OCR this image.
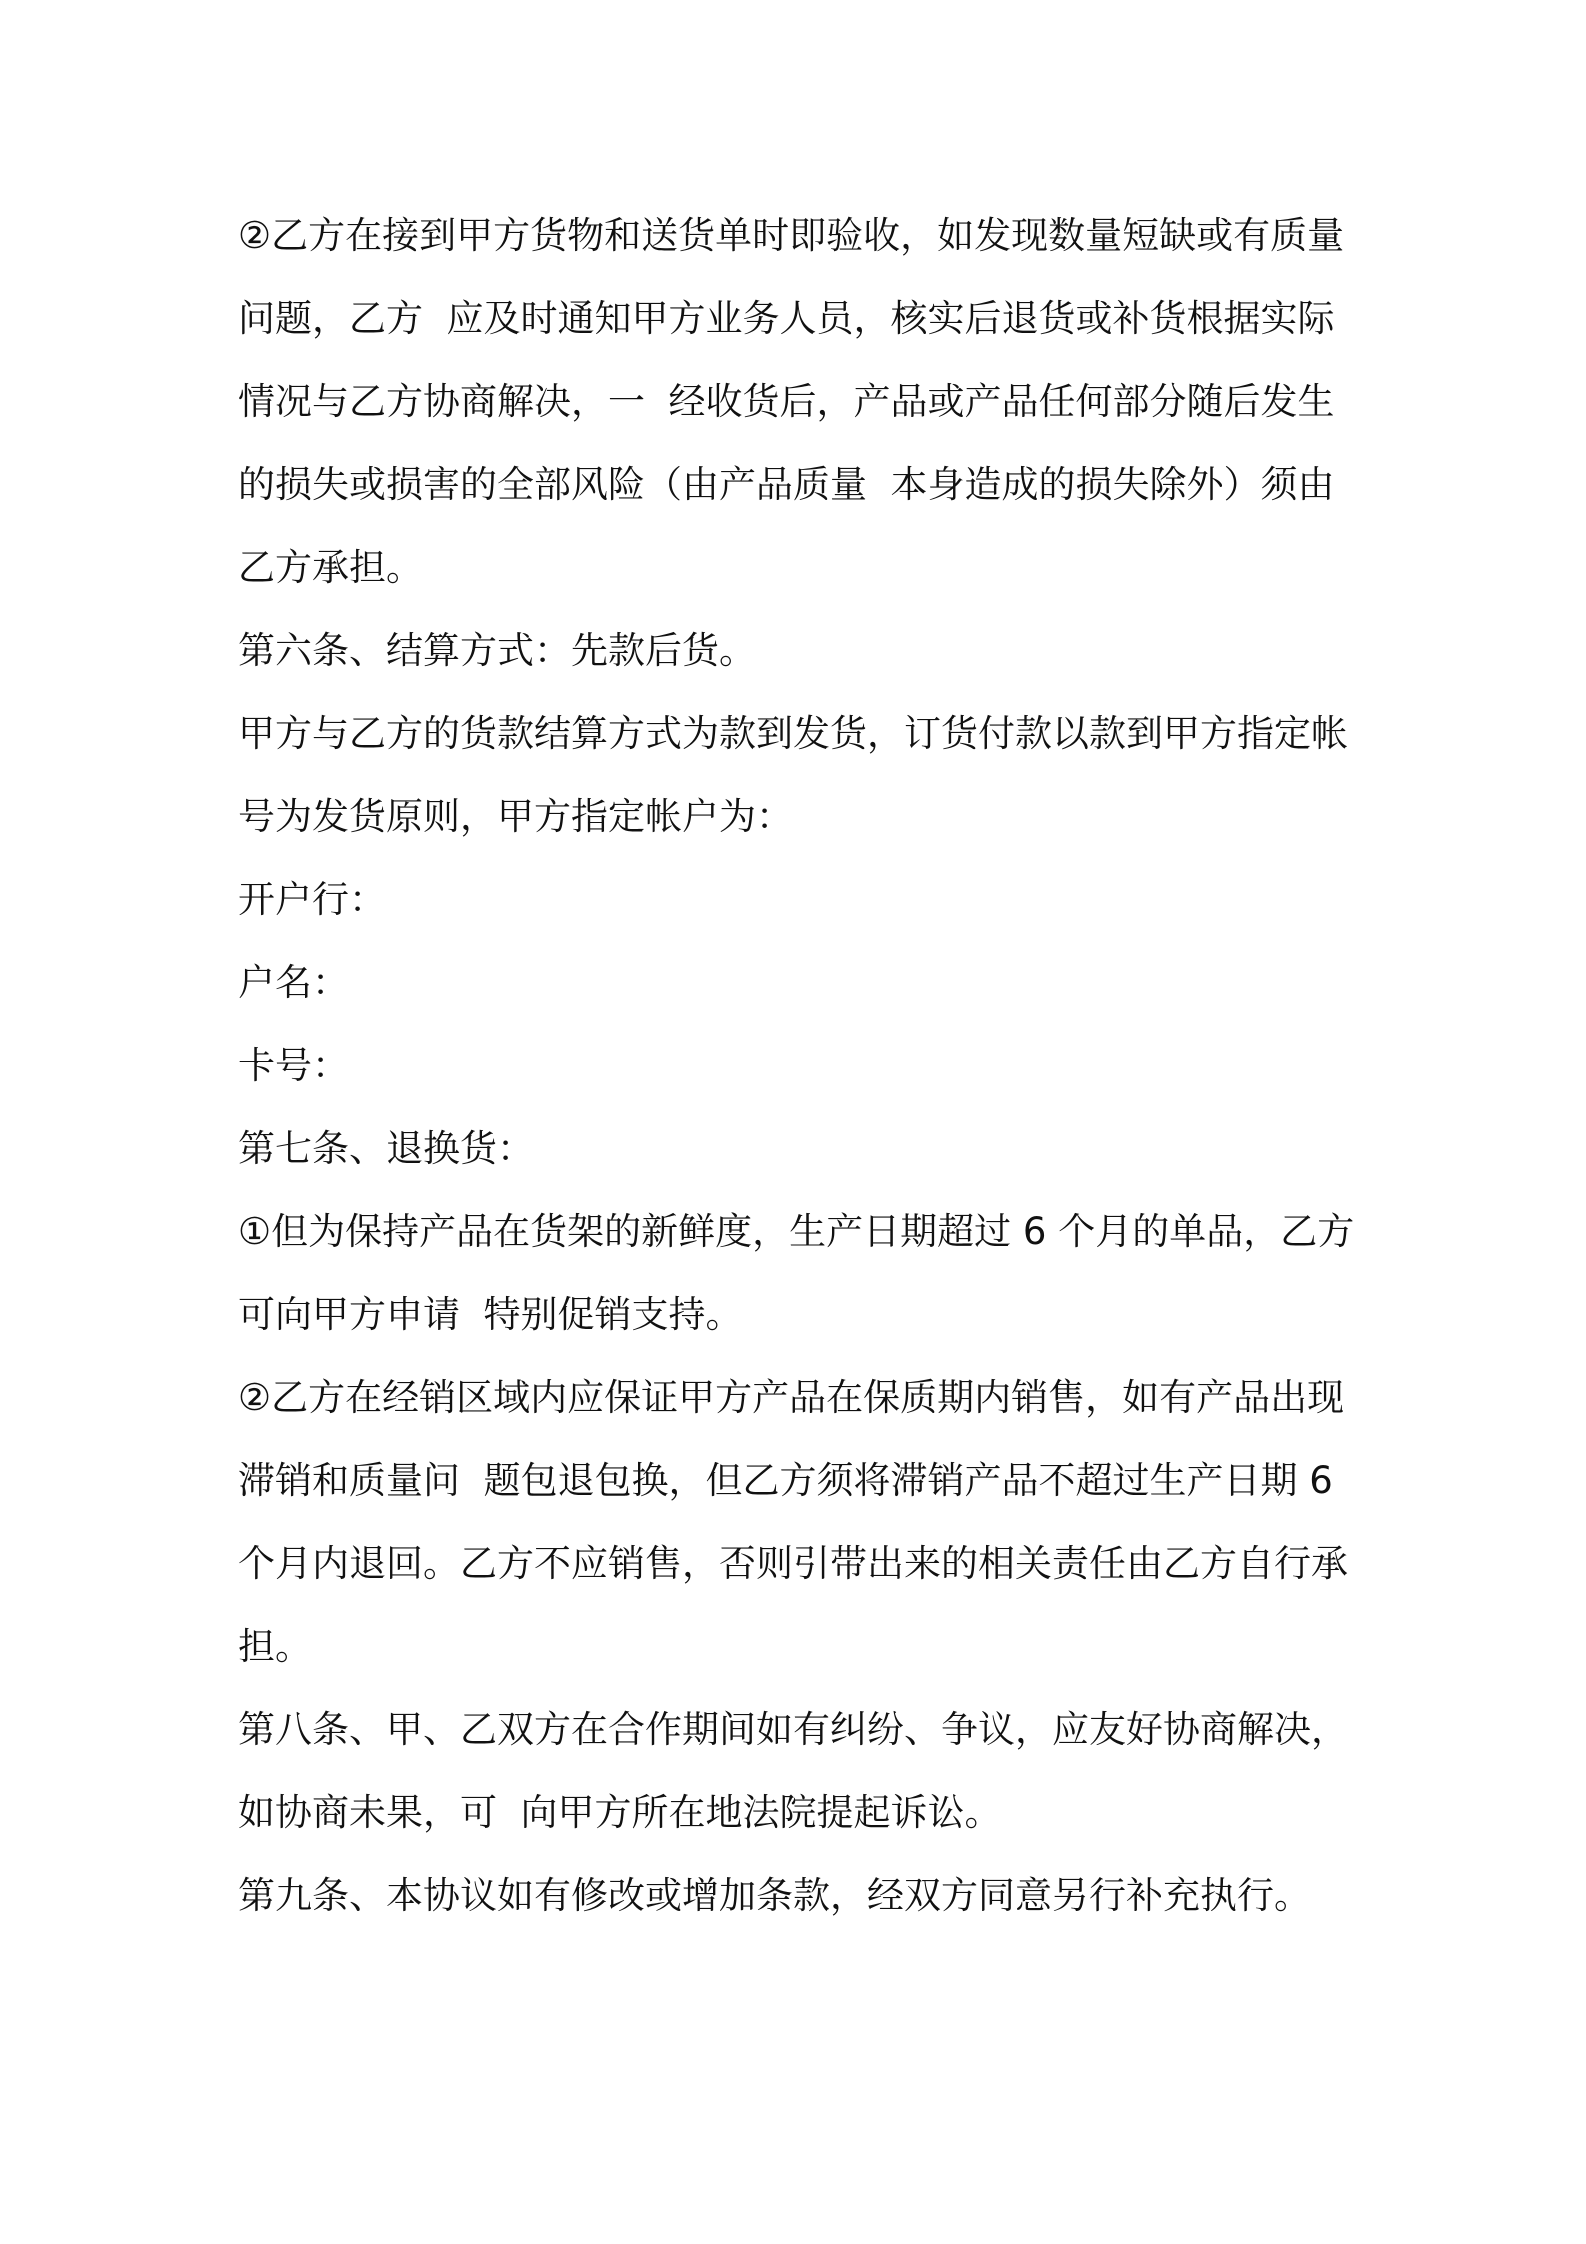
②乙方在接到甲方货物和送货单时即验收，如发现数量短缺或有质量
问题，乙方  应及时通知甲方业务人员，核实后退货或补货根据实际
情况与乙方协商解决，一  经收货后，产品或产品任何部分随后发生
的损失或损害的全部风险（由产品质量  本身造成的损失除外）须由
乙方承担。
第六条、结算方式：先款后货。
甲方与乙方的货款结算方式为款到发货，订货付款以款到甲方指定帐
号为发货原则，甲方指定帐户为：
开户行：
户名：
卡号：
第七条、退换货：
①但为保持产品在货架的新鲜度，生产日期超过 6 个月的单品，乙方
可向甲方申请  特别促销支持。
②乙方在经销区域内应保证甲方产品在保质期内销售，如有产品出现
滞销和质量问  题包退包换，但乙方须将滞销产品不超过生产日期 6
个月内退回。乙方不应销售，否则引带出来的相关责任由乙方自行承
担。
第八条、甲、乙双方在合作期间如有纠纷、争议，应友好协商解决，
如协商未果，可  向甲方所在地法院提起诉讼。
第九条、本协议如有修改或增加条款，经双方同意另行补充执行。
